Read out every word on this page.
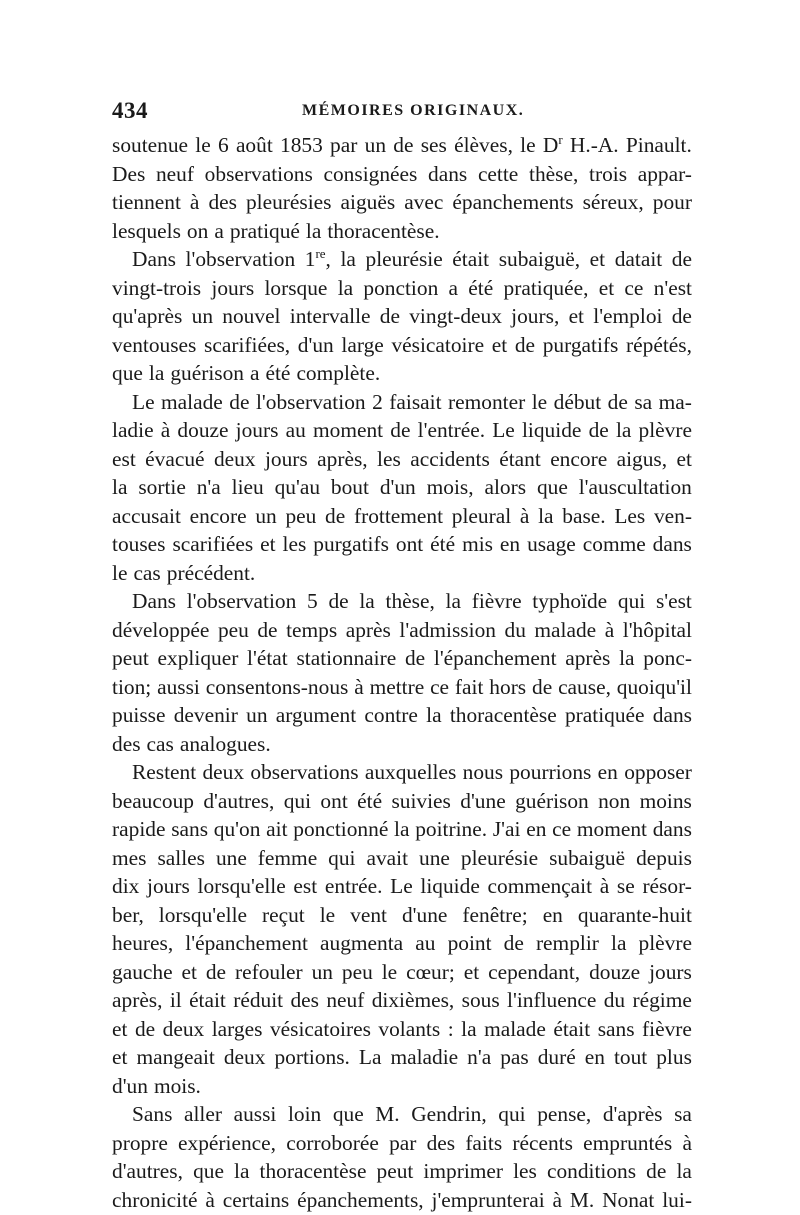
434	MÉMOIRES ORIGINAUX.
soutenue le 6 août 1853 par un de ses élèves, le $D^r$ H.-A. Pinault.
Des neuf observations consignées dans cette thèse, trois appar-
tiennent à des pleurésies aiguës avec épanchements séreux, pour
lesquels on a pratiqué la thoracentèse.
Dans l'observation 1re, la pleurésie était subaiguë, et datait de
vingt-trois jours lorsque la ponction a été pratiquée, et ce n'est
qu'après un nouvel intervalle de vingt-deux jours, et l'emploi de
ventouses scarifiées, d'un large vésicatoire et de purgatifs répétés,
que la guérison a été complète.
Le malade de l'observation 2 faisait remonter le début de sa ma-
ladie à douze jours au moment de l'entrée. Le liquide de la plèvre
est évacué deux jours après, les accidents étant encore aigus, et
la sortie n'a lieu qu'au bout d'un mois, alors que l'auscultation
accusait encore un peu de frottement pleural à la base. Les ven-
touses scarifiées et les purgatifs ont été mis en usage comme dans
le cas précédent.
Dans l'observation 5 de la thèse, la fièvre typhoïde qui s'est
développée peu de temps après l'admission du malade à l'hôpital
peut expliquer l'état stationnaire de l'épanchement après la ponc-
tion; aussi consentons-nous à mettre ce fait hors de cause, quoiqu'il
puisse devenir un argument contre la thoracentèse pratiquée dans
des cas analogues.
Restent deux observations auxquelles nous pourrions en opposer
beaucoup d'autres, qui ont été suivies d'une guérison non moins
rapide sans qu'on ait ponctionné la poitrine. J'ai en ce moment dans
mes salles une femme qui avait une pleurésie subaiguë depuis
dix jours lorsqu'elle est entrée. Le liquide commençait à se résor-
ber, lorsqu'elle reçut le vent d'une fenêtre; en quarante-huit
heures, l'épanchement augmenta au point de remplir la plèvre
gauche et de refouler un peu le cœur; et cependant, douze jours
après, il était réduit des neuf dixièmes, sous l'influence du régime
et de deux larges vésicatoires volants : la malade était sans fièvre
et mangeait deux portions. La maladie n'a pas duré en tout plus
d'un mois.
Sans aller aussi loin que M. Gendrin, qui pense, d'après sa
propre expérience, corroborée par des faits récents empruntés à
d'autres, que la thoracentèse peut imprimer les conditions de la
chronicité à certains épanchements, j'emprunterai à M. Nonat lui-
